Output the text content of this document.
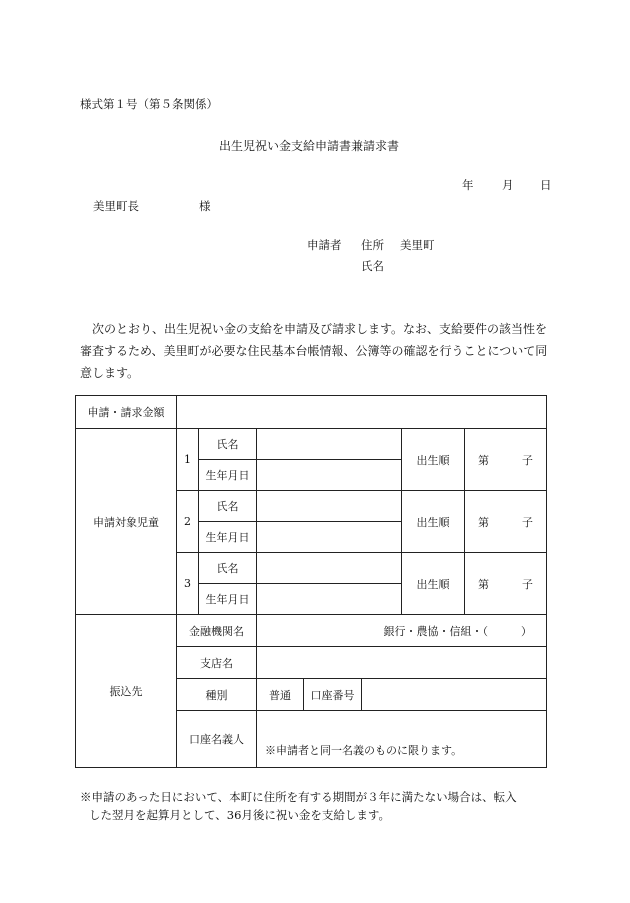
様式第１号（第５条関係）
出生児祝い金支給申請書兼請求書
年 月 日
美里町長	様
申請者 住所 美里町
氏名
次のとおり、出生児祝い金の支給を申請及び請求します。なお、支給要件の該当性を審査するため、美里町が必要な住民基本台帳情報、公簿等の確認を行うことについて同意します。
申請・請求金額							
申請対象児童	1	氏名				出生順	第 子
		生年月日					
	2	氏名				出生順	第 子
		生年月日					
	3	氏名				出生順	第 子
		生年月日					
振込先	金融機関名		銀行・農協・信組・（　　　）				
	支店名						
	種別		普通	口座番号			
	口座名義人		※申請者と同一名義のものに限ります。				
※申請のあった日において、本町に住所を有する期間が３年に満たない場合は、転入
した翌月を起算月として、36月後に祝い金を支給します。
